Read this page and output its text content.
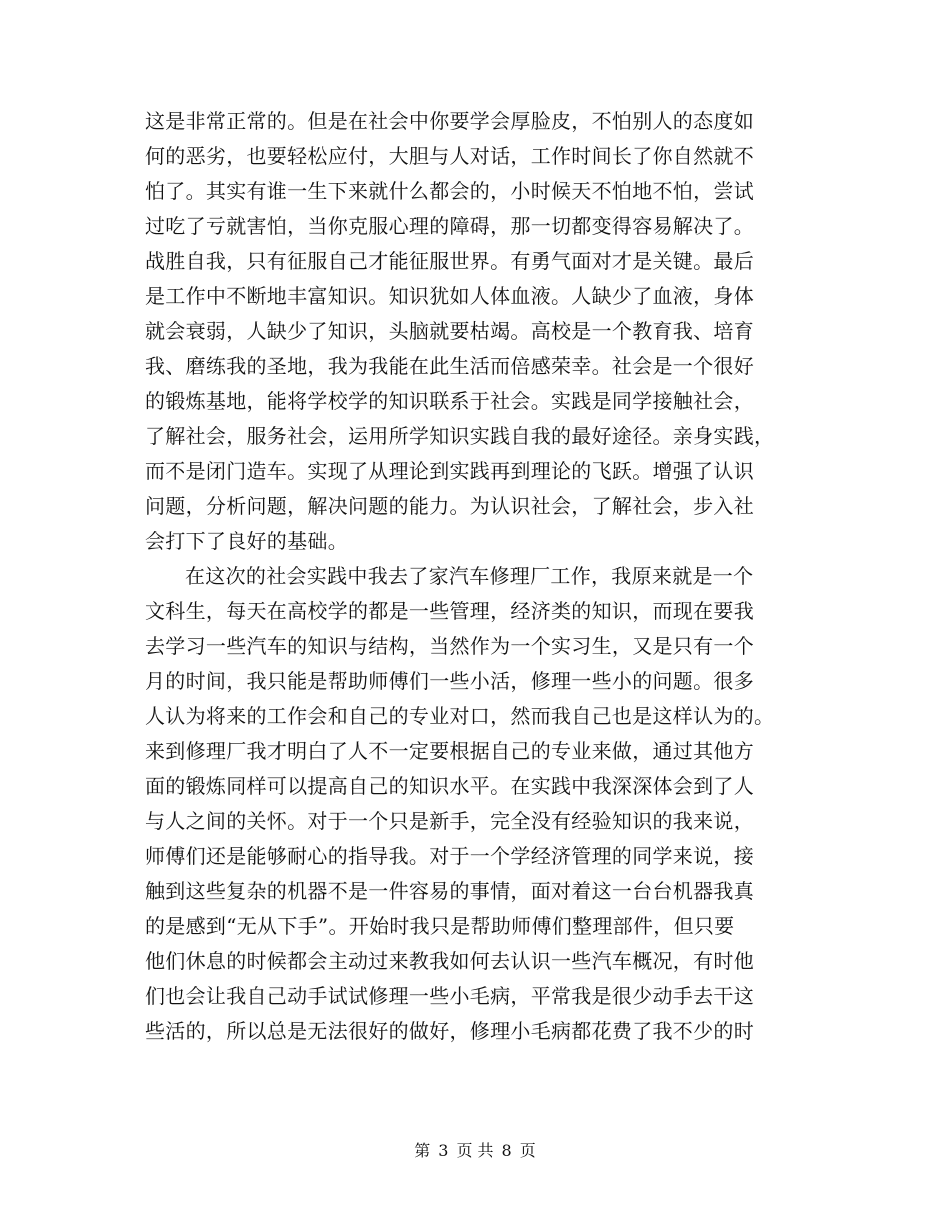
这是非常正常的。但是在社会中你要学会厚脸皮，不怕别人的态度如
何的恶劣，也要轻松应付，大胆与人对话，工作时间长了你自然就不
怕了。其实有谁一生下来就什么都会的，小时候天不怕地不怕，尝试
过吃了亏就害怕，当你克服心理的障碍，那一切都变得容易解决了。
战胜自我，只有征服自己才能征服世界。有勇气面对才是关键。最后
是工作中不断地丰富知识。知识犹如人体血液。人缺少了血液，身体
就会衰弱，人缺少了知识，头脑就要枯竭。高校是一个教育我、培育
我、磨练我的圣地，我为我能在此生活而倍感荣幸。社会是一个很好
的锻炼基地，能将学校学的知识联系于社会。实践是同学接触社会，
了解社会，服务社会，运用所学知识实践自我的最好途径。亲身实践，
而不是闭门造车。实现了从理论到实践再到理论的飞跃。增强了认识
问题，分析问题，解决问题的能力。为认识社会，了解社会，步入社
会打下了良好的基础。
在这次的社会实践中我去了家汽车修理厂工作，我原来就是一个
文科生，每天在高校学的都是一些管理，经济类的知识，而现在要我
去学习一些汽车的知识与结构，当然作为一个实习生，又是只有一个
月的时间，我只能是帮助师傅们一些小活，修理一些小的问题。很多
人认为将来的工作会和自己的专业对口，然而我自己也是这样认为的。
来到修理厂我才明白了人不一定要根据自己的专业来做，通过其他方
面的锻炼同样可以提高自己的知识水平。在实践中我深深体会到了人
与人之间的关怀。对于一个只是新手，完全没有经验知识的我来说，
师傅们还是能够耐心的指导我。对于一个学经济管理的同学来说，接
触到这些复杂的机器不是一件容易的事情，面对着这一台台机器我真
的是感到“无从下手”。开始时我只是帮助师傅们整理部件，但只要
他们休息的时候都会主动过来教我如何去认识一些汽车概况，有时他
们也会让我自己动手试试修理一些小毛病，平常我是很少动手去干这
些活的，所以总是无法很好的做好，修理小毛病都花费了我不少的时
第 3 页 共 8 页
